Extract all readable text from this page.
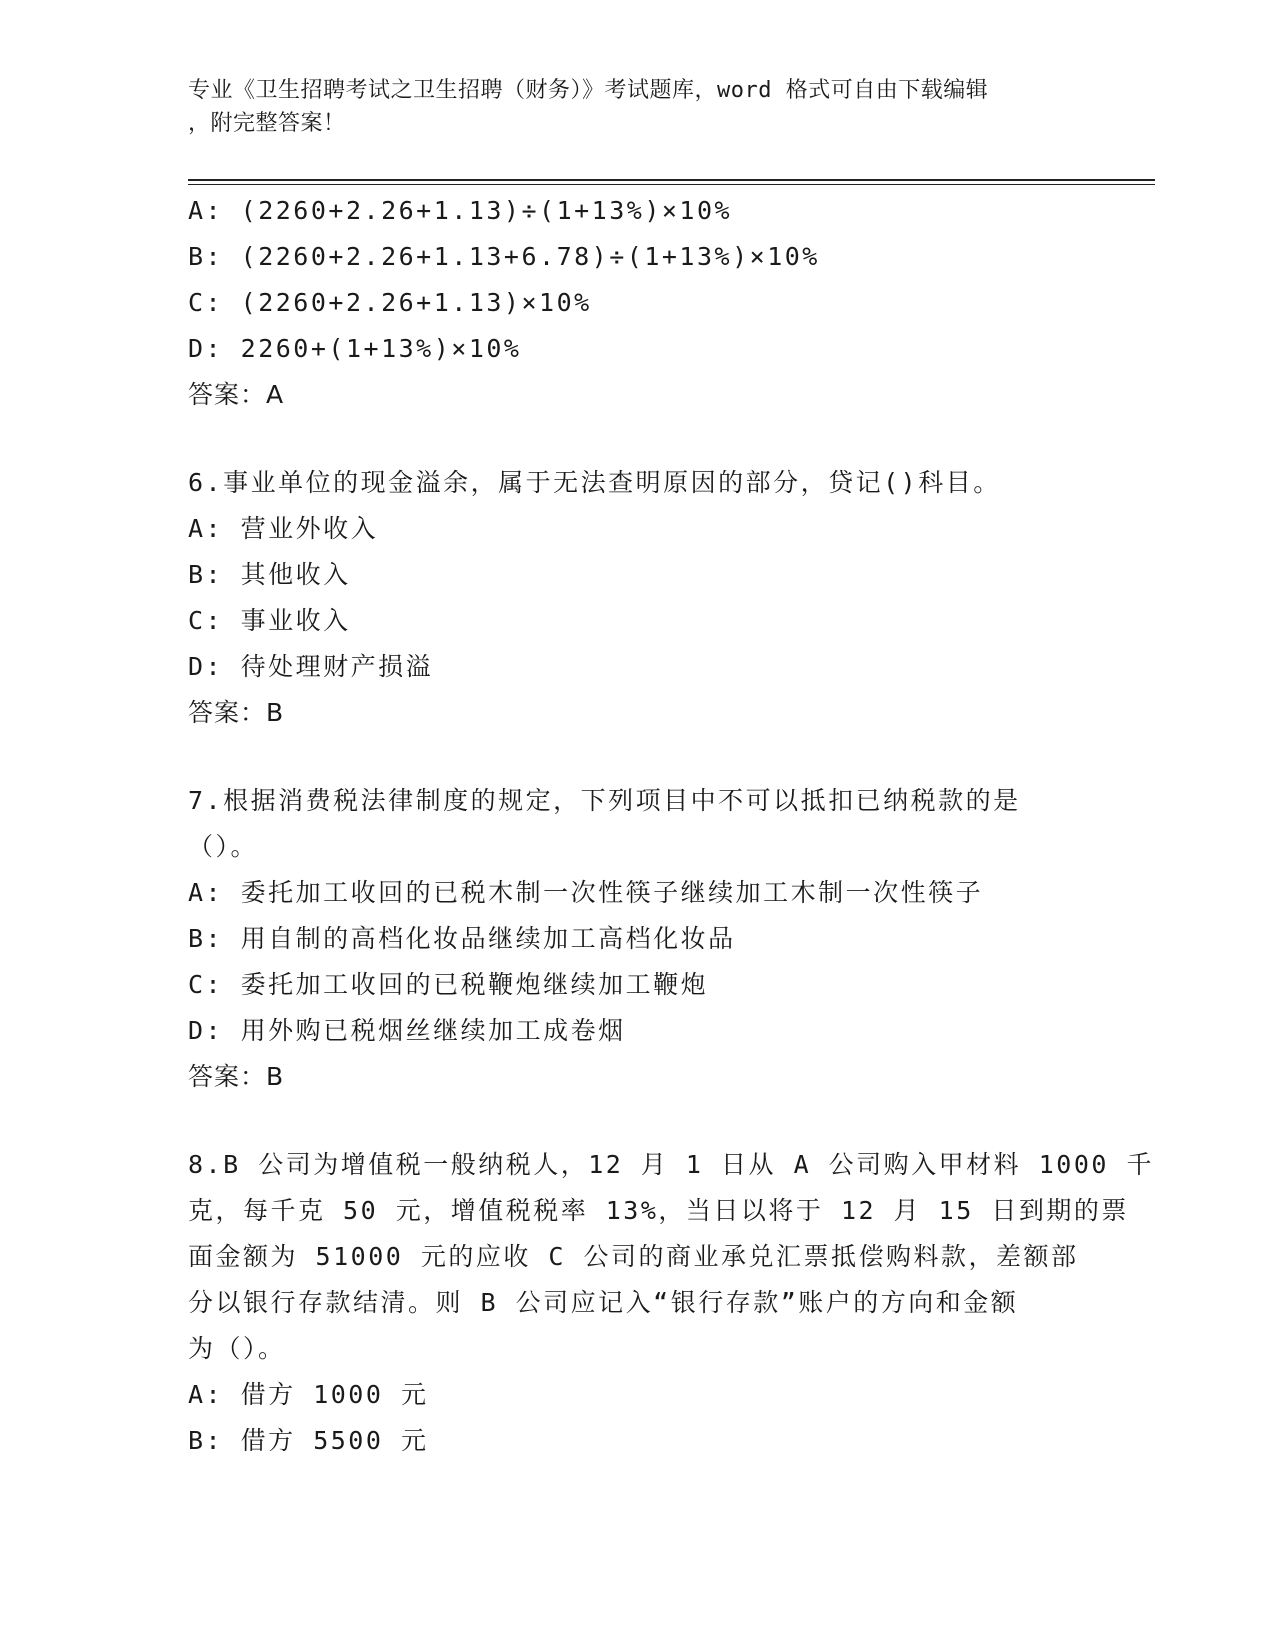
专业《卫生招聘考试之卫生招聘（财务）》考试题库，word 格式可自由下载编辑
，附完整答案！
A: (2260+2.26+1.13)÷(1+13%)×10%
B: (2260+2.26+1.13+6.78)÷(1+13%)×10%
C: (2260+2.26+1.13)×10%
D: 2260+(1+13%)×10%
答案：A
6.事业单位的现金溢余，属于无法查明原因的部分，贷记()科目。
A: 营业外收入
B: 其他收入
C: 事业收入
D: 待处理财产损溢
答案：B
7.根据消费税法律制度的规定，下列项目中不可以抵扣已纳税款的是
（）。
A: 委托加工收回的已税木制一次性筷子继续加工木制一次性筷子
B: 用自制的高档化妆品继续加工高档化妆品
C: 委托加工收回的已税鞭炮继续加工鞭炮
D: 用外购已税烟丝继续加工成卷烟
答案：B
8.B 公司为增值税一般纳税人，12 月 1 日从 A 公司购入甲材料 1000 千
克，每千克 50 元，增值税税率 13%，当日以将于 12 月 15 日到期的票
面金额为 51000 元的应收 C 公司的商业承兑汇票抵偿购料款，差额部
分以银行存款结清。则 B 公司应记入“银行存款”账户的方向和金额
为（）。
A: 借方 1000 元
B: 借方 5500 元
